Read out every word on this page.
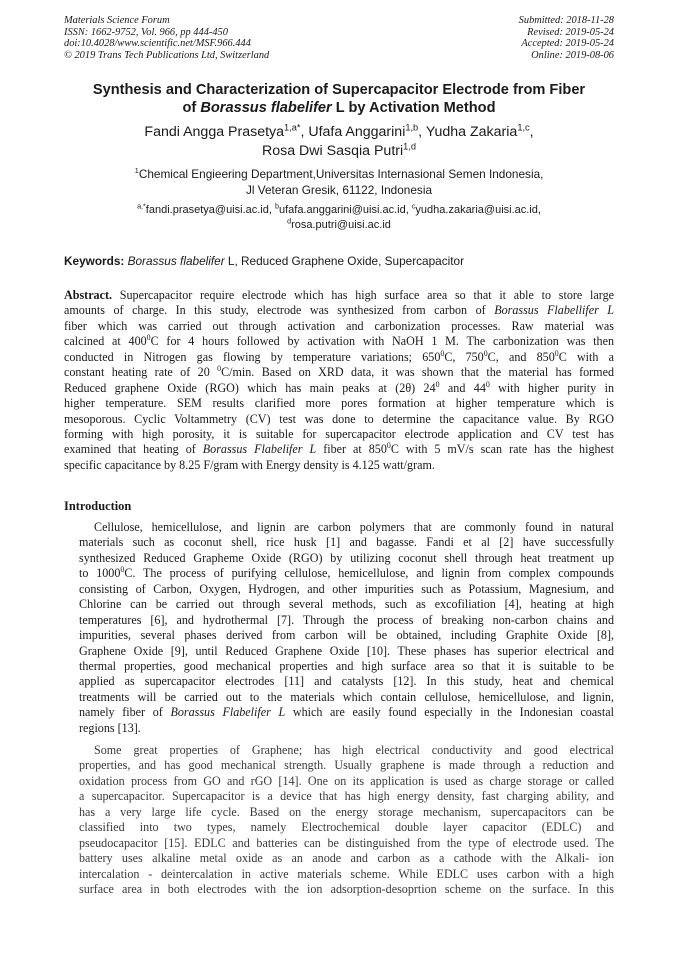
Materials Science Forum
ISSN: 1662-9752, Vol. 966, pp 444-450
doi:10.4028/www.scientific.net/MSF.966.444
© 2019 Trans Tech Publications Ltd, Switzerland
Submitted: 2018-11-28
Revised: 2019-05-24
Accepted: 2019-05-24
Online: 2019-08-06
Synthesis and Characterization of Supercapacitor Electrode from Fiber
of Borassus flabelifer L by Activation Method
Fandi Angga Prasetya$^{1,a*}$, Ufafa Anggarini$^{1,b}$, Yudha Zakaria$^{1,c}$,
Rosa Dwi Sasqia Putri$^{1,d}$
$^1$Chemical Engieering Department,Universitas Internasional Semen Indonesia,
Jl Veteran Gresik, 61122, Indonesia
$^{a,*}$fandi.prasetya@uisi.ac.id, $^b$ufafa.anggarini@uisi.ac.id, $^c$yudha.zakaria@uisi.ac.id,
$^d$rosa.putri@uisi.ac.id
Keywords: Borassus flabelifer L, Reduced Graphene Oxide, Supercapacitor
Abstract. Supercapacitor require electrode which has high surface area so that it able to store large
amounts of charge. In this study, electrode was synthesized from carbon of Borassus Flabellifer L
fiber which was carried out through activation and carbonization processes. Raw material was
calcined at $400^0C$ for 4 hours followed by activation with NaOH 1 M. The carbonization was then
conducted in Nitrogen gas flowing by temperature variations; $650^0C$, $750^0C$, and $850^0C$ with a
constant heating rate of 20 $^0$C/min. Based on XRD data, it was shown that the material has formed
Reduced graphene Oxide (RGO) which has main peaks at (2θ) $24^0$ and $44^0$ with higher purity in
higher temperature. SEM results clarified more pores formation at higher temperature which is
mesoporous. Cyclic Voltammetry (CV) test was done to determine the capacitance value. By RGO
forming with high porosity, it is suitable for supercapacitor electrode application and CV test has
examined that heating of Borassus Flabelifer L fiber at $850^0C$ with 5 mV/s scan rate has the highest
specific capacitance by 8.25 F/gram with Energy density is 4.125 watt/gram.
Introduction
Cellulose, hemicellulose, and lignin are carbon polymers that are commonly found in natural
materials such as coconut shell, rice husk [1] and bagasse. Fandi et al [2] have successfully
synthesized Reduced Grapheme Oxide (RGO) by utilizing coconut shell through heat treatment up
to 1000$^0$C. The process of purifying cellulose, hemicellulose, and lignin from complex compounds
consisting of Carbon, Oxygen, Hydrogen, and other impurities such as Potassium, Magnesium, and
Chlorine can be carried out through several methods, such as excofiliation [4], heating at high
temperatures [6], and hydrothermal [7]. Through the process of breaking non-carbon chains and
impurities, several phases derived from carbon will be obtained, including Graphite Oxide [8],
Graphene Oxide [9], until Reduced Graphene Oxide [10]. These phases has superior electrical and
thermal properties, good mechanical properties and high surface area so that it is suitable to be
applied as supercapacitor electrodes [11] and catalysts [12]. In this study, heat and chemical
treatments will be carried out to the materials which contain cellulose, hemicellulose, and lignin,
namely fiber of Borassus Flabelifer L which are easily found especially in the Indonesian coastal
regions [13].
Some great properties of Graphene; has high electrical conductivity and good electrical
properties, and has good mechanical strength. Usually graphene is made through a reduction and
oxidation process from GO and rGO [14]. One on its application is used as charge storage or called
a supercapacitor. Supercapacitor is a device that has high energy density, fast charging ability, and
has a very large life cycle. Based on the energy storage mechanism, supercapacitors can be
classified into two types, namely Electrochemical double layer capacitor (EDLC) and
pseudocapacitor [15]. EDLC and batteries can be distinguished from the type of electrode used. The
battery uses alkaline metal oxide as an anode and carbon as a cathode with the Alkali- ion
intercalation - deintercalation in active materials scheme. While EDLC uses carbon with a high
surface area in both electrodes with the ion adsorption-desoprtion scheme on the surface. In this
